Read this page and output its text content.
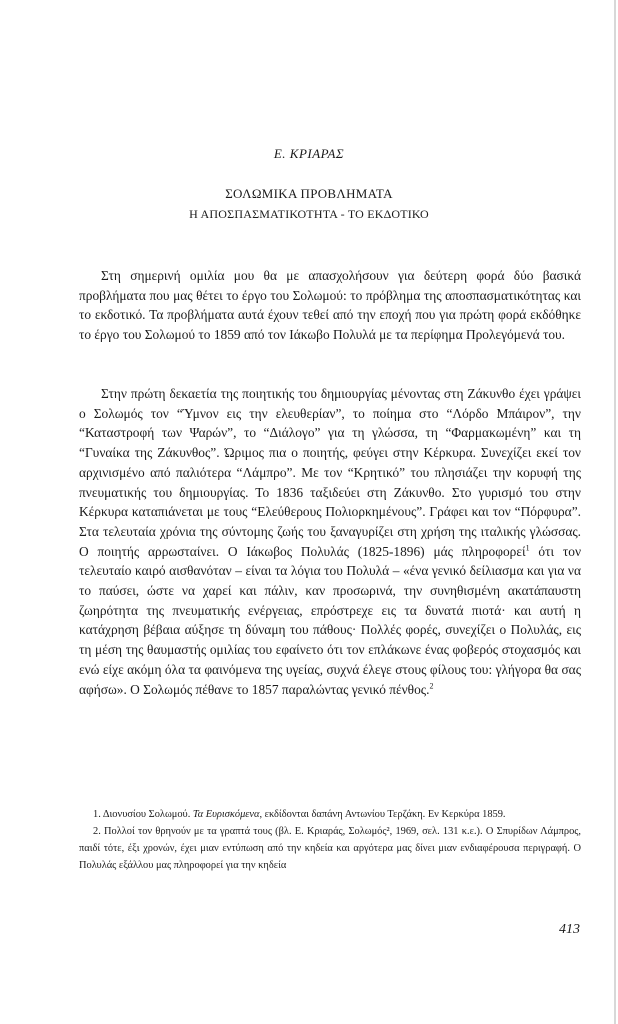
Ε. ΚΡΙΑΡΑΣ
ΣΟΛΩΜΙΚΑ ΠΡΟΒΛΗΜΑΤΑ
Η ΑΠΟΣΠΑΣΜΑΤΙΚΟΤΗΤΑ - ΤΟ ΕΚΔΟΤΙΚΟ

Στη σημερινή ομιλία μου θα με απασχολήσουν για δεύτερη φορά δύο βασικά προβλήματα που μας θέτει το έργο του Σολωμού: το πρόβλημα της αποσπασματικότητας και το εκδοτικό. Τα προβλήματα αυτά έχουν τεθεί από την εποχή που για πρώτη φορά εκδόθηκε το έργο του Σολωμού το 1859 από τον Ιάκωβο Πολυλά με τα περίφημα Προλεγόμενά του.

Στην πρώτη δεκαετία της ποιητικής του δημιουργίας μένοντας στη Ζάκυνθο έχει γράψει ο Σολωμός τον “Ύμνον εις την ελευθερίαν”, το ποίημα στο “Λόρδο Μπάιρον”, την “Καταστροφή των Ψαρών”, το “Διάλογο” για τη γλώσσα, τη “Φαρμακωμένη” και τη “Γυναίκα της Ζάκυνθος”. Ώριμος πια ο ποιητής, φεύγει στην Κέρκυρα. Συνεχίζει εκεί τον αρχινισμένο από παλιότερα “Λάμπρο”. Με τον “Κρητικό” του πλησιάζει την κορυφή της πνευματικής του δημιουργίας. Το 1836 ταξιδεύει στη Ζάκυνθο. Στο γυρισμό του στην Κέρκυρα καταπιάνεται με τους “Ελεύθερους Πολιορκημένους”. Γράφει και τον “Πόρφυρα”. Στα τελευταία χρόνια της σύντομης ζωής του ξαναγυρίζει στη χρήση της ιταλικής γλώσσας. Ο ποιητής αρρωσταίνει. Ο Ιάκωβος Πολυλάς (1825-1896) μάς πληροφορεί$^1$ ότι τον τελευταίο καιρό αισθανόταν – είναι τα λόγια του Πολυλά – «ένα γενικό δείλιασμα και για να το παύσει, ώστε να χαρεί και πάλιν, καν προσωρινά, την συνηθισμένη ακατάπαυστη ζωηρότητα της πνευματικής ενέργειας, επρόστρεχε εις τα δυνατά πιοτά· και αυτή η κατάχρηση βέβαια αύξησε τη δύναμη του πάθους· Πολλές φορές, συνεχίζει ο Πολυλάς, εις τη μέση της θαυμαστής ομιλίας του εφαίνετο ότι τον επλάκωνε ένας φοβερός στοχασμός και ενώ είχε ακόμη όλα τα φαινόμενα της υγείας, συχνά έλεγε στους φίλους του: γλήγορα θα σας αφήσω». Ο Σολωμός πέθανε το 1857 παραλώντας γενικό πένθος.$^2$

1. Διονυσίου Σολωμού. Τα Ευρισκόμενα, εκδίδονται δαπάνη Αντωνίου Τερζάκη. Εν Κερκύρα 1859.

2. Πολλοί τον θρηνούν με τα γραπτά τους (βλ. Ε. Κριαράς, Σολωμός², 1969, σελ. 131 κ.ε.). Ο Σπυρίδων Λάμπρος, παιδί τότε, έξι χρονών, έχει μιαν εντύπωση από την κηδεία και αργότερα μας δίνει μιαν ενδιαφέρουσα περιγραφή. Ο Πολυλάς εξάλλου μας πληροφορεί για την κηδεία

413
